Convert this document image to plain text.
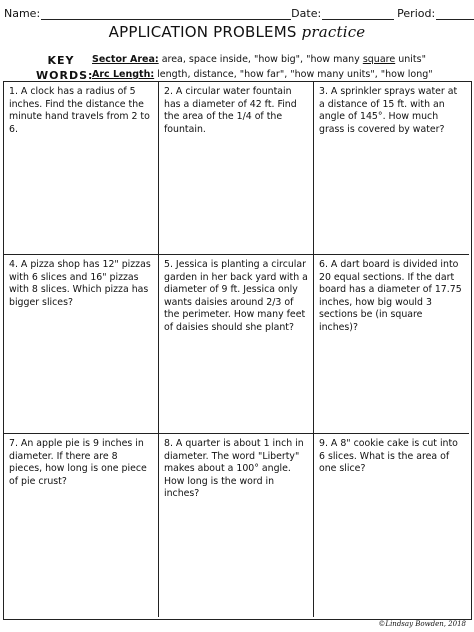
Name:	Date:	Period:
APPLICATION PROBLEMS practice
KEY
WORDS:
Sector Area: area, space inside, "how big", "how many square units"
Arc Length: length, distance, "how far", "how many units", "how long"
1. A clock has a radius of 5 inches. Find the distance the minute hand travels from 2 to 6.
2. A circular water fountain has a diameter of 42 ft. Find the area of the 1/4 of the fountain.
3. A sprinkler sprays water at a distance of 15 ft. with an angle of 145°. How much grass is covered by water?
4. A pizza shop has 12" pizzas with 6 slices and 16" pizzas with 8 slices. Which pizza has bigger slices?
5. Jessica is planting a circular garden in her back yard with a diameter of 9 ft. Jessica only wants daisies around 2/3 of the perimeter. How many feet of daisies should she plant?
6. A dart board is divided into 20 equal sections. If the dart board has a diameter of 17.75 inches, how big would 3 sections be (in square inches)?
7. An apple pie is 9 inches in diameter. If there are 8 pieces, how long is one piece of pie crust?
8. A quarter is about 1 inch in diameter. The word "Liberty" makes about a 100° angle. How long is the word in inches?
9. A 8" cookie cake is cut into 6 slices. What is the area of one slice?
©Lindsay Bowden, 2018
